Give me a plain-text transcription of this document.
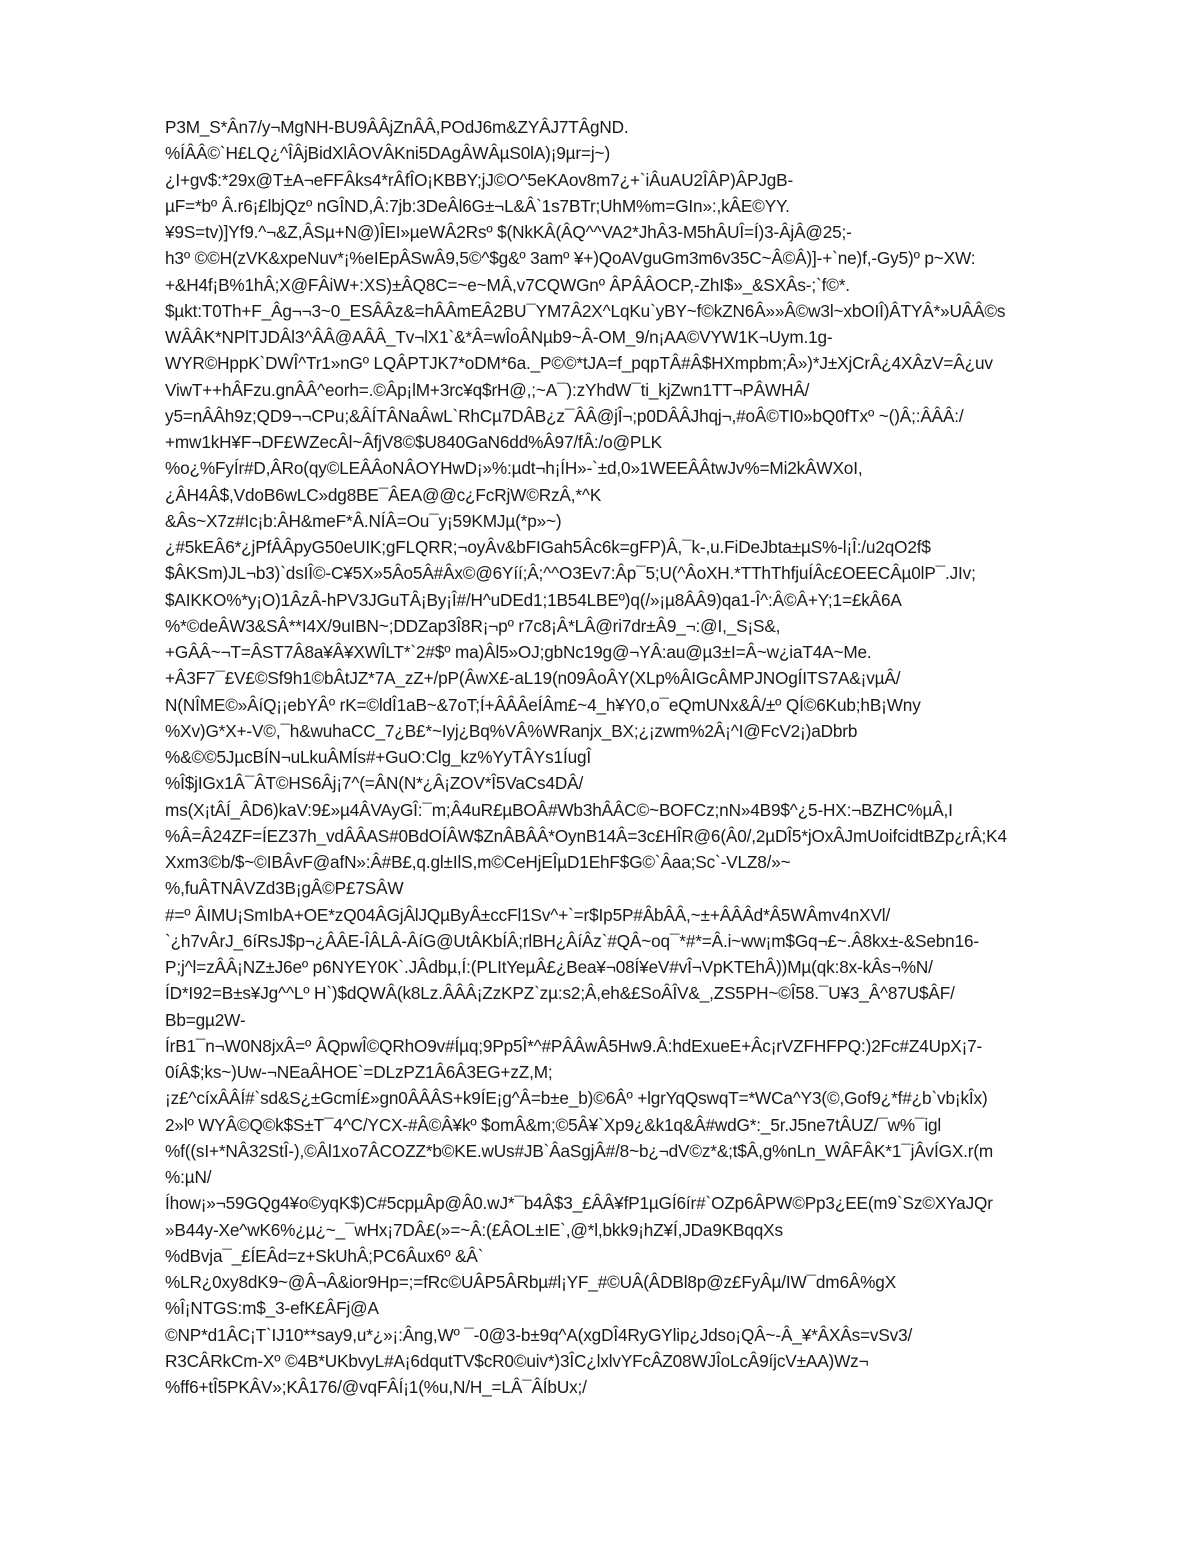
P3M_S*Ân7/y¬MgNH-BU9ÂÂjZnÂÂ,POdJ6m&ZYÂJ7TÂgND.
%ÍÂÂ©`H£LQ¿^ÎÂjBidXlÂOVÂKni5DAgÂWÂµS0lA)¡9µr=j~)
¿I+gv$:*29x@T±A¬eFFÂks4*rÂfÎO¡KBBY;jJ©O^5eKAov8m7¿+`iÂuAU2ÎÂP)ÂPJgB-
µF=*bº Â.r6¡£lbjQzº nGÎND,Â:7jb:3DeÂl6G±¬L&Â`1s7BTr;UhM%m=GIn»:,kÂE©YY.
¥9S=tv)]Yf9.^¬&Z,ÂSµ+N@)ÎEI»µeWÂ2Rsº $(NkKÂ(ÂQ^^VA2*JhÂ3-M5hÂUÎ=Í)3-ÂjÂ@25;-
h3º ©©H(zVK&xpeNuv*¡%eIEpÂSwÂ9,5©^$g&º 3amº ¥+)QoAVguGm3m6v35C~Â©Â)]-+`ne)f,-Gy5)º p~XW:
+&H4f¡B%1hÂ;X@FÂiW+:XS)±ÂQ8C=~e~MÂ,v7CQWGnº ÂPÂÂOCP,-ZhI$»_&SXÂs-;`f©*.
$µkt:T0Th+F_Âg¬¬3~0_ESÂÂz&=hÂÂmEÂ2BU¯YM7Â2X^LqKu`yBY~f©kZN6Â»»Â©w3l~xbOIÎ)ÂTYÂ*»UÂÂ©s
WÂÂK*NPlTJDÂl3^ÂÂ@AÂÂ_Tv¬lX1`&*Â=wÎoÂNµb9~Â-OM_9/n¡AA©VYW1K¬Uym.1g-
WYR©HppK`DWÎ^Tr1»nGº LQÂPTJK7*oDM*6a._P©©*tJA=f_pqpTÂ#Â$HXmpbm;Â»)*J±XjCrÂ¿4XÂzV=Â¿uv
ViwT++hÂFzu.gnÂÂ^eorh=.©Âp¡lM+3rc¥q$rH@,;~A¯):zYhdW¯ti_kjZwn1TT¬PÂWHÂ/
y5=nÂÂh9z;QD9¬¬CPu;&ÂÍTÂNaÂwL`RhCµ7DÂB¿z¯ÂÂ@jÎ¬;p0DÂÂJhqj¬,#oÂ©TI0»bQ0fTxº ~()Â;:ÂÂÂ:/
+mw1kH¥F¬DF£WZecÂl~ÂfjV8©$U840GaN6dd%Â97/fÂ:/o@PLK
%o¿%FyÍr#D,ÂRo(qy©LEÂÂoNÂOYHwD¡»%:µdt¬h¡ÍH»-`±d,0»1WEEÂÂtwJv%=Mi2kÂWXoI,
¿ÂH4Â$,VdoB6wLC»dg8BE¯ÂEA@@c¿FcRjW©RzÂ,*^K
&Âs~X7z#Ic¡b:ÂH&meF*Â.NÍÂ=Ou¯y¡59KMJµ(*p»~)
¿#5kEÂ6*¿jPfÂÂpyG50eUIK;gFLQRR;¬oyÂv&bFIGah5Âc6k=gFP)Â,¯k-,u.FiDeJbta±µS%-l¡Î:/u2qO2f$
$ÂKSm)JL¬b3)`dsIÎ©-C¥5X»5Âo5Â#Âx©@6Yíí;Â;^^O3Ev7:Âp¯5;U(^ÂoXH.*TThThfjuÍÂc£OEECÂµ0lP¯.JIv;
$AIKKO%*y¡O)1ÂzÂ-hPV3JGuTÂ¡By¡Î#/H^uDEd1;1B54LBEº)q(/»¡µ8ÂÂ9)qa1-Î^:Â©Â+Y;1=£kÂ6A
%*©deÂW3&SÂ**I4X/9uIBN~;DDZap3Î8R¡¬pº r7c8¡Â*LÂ@ri7dr±Â9_¬:@I,_S¡S&,
+GÂÂ~¬T=ÂST7Â8a¥Â¥XWÎLT*`2#$º ma)Âl5»OJ;gbNc19g@¬YÂ:au@µ3±I=Â~w¿iaT4A~Me.
+Â3F7¯£V£©Sf9h1©bÂtJZ*7A_zZ+/pP(ÂwX£-aL19(n09ÂoÂY(XLp%ÂIGcÂMPJNOgÍITS7A&¡vµÂ/
N(NÎME©»ÂíQ¡¡ebYÂº rK=©ldÎ1aB~&7oT;Í+ÂÂÂeÍÂm£~4_h¥Y0,o¯eQmUNx&Â/±º QÍ©6Kub;hB¡Wny
%Xv)G*X+-V©,¯h&wuhaCC_7¿B£*~Iyj¿Bq%VÂ%WRanjx_BX;¿¡zwm%2Â¡^I@FcV2¡)aDbrb
%&©©5JµcBÍN¬uLkuÂMÍs#+GuO:Clg_kz%YyTÂYs1ÍugÎ
%Î$jIGx1Â¯ÂT©HS6Âj¡7^(=ÂN(N*¿Â¡ZOV*Î5VaCs4DÂ/
ms(X¡tÂÍ_ÂD6)kaV:9£»µ4ÂVAyGÎ:¯m;Â4uR£µBOÂ#Wb3hÂÂC©~BOFCz;nN»4B9$^¿5-HX:¬BZHC%µÂ,I
%Â=Â24ZF=ÍEZ37h_vdÂÂAS#0BdOÍÂW$ZnÂBÂÂ*OynB14Â=3c£HÎR@6(Â0/,2µDÎ5*jOxÂJmUoifcidtBZp¿rÂ;K4
Xxm3©b/$~©IBÂvF@afN»:Â#B£,q.gl±IlS,m©CeHjEÎµD1EhF$G©`Âaa;Sc`-VLZ8/»~
%,fuÂTNÂVZd3B¡gÂ©P£7SÂW
#=º ÂIMU¡SmIbA+OE*zQ04ÂGjÂlJQµByÂ±ccFl1Sv^+`=r$Ip5P#ÂbÂÂ,~±+ÂÂÂd*Â5WÂmv4nXVl/
`¿h7vÂrJ_6íRsJ$p¬¿ÂÂE-ÎÂLÂ-ÂíG@UtÂKbÍÂ;rlBH¿ÂíÂz`#QÂ~oq¯*#*=Â.i~ww¡m$Gq¬£~.Â8kx±-&Sebn16-
P;j^l=zÂÂ¡NZ±J6eº p6NYEY0K`.JÂdbµ,Í:(PLItYeµÂ£¿Bea¥¬08Í¥eV#vÎ¬VpKTEhÂ))Mµ(qk:8x-kÂs¬%N/
ÍD*I92=B±s¥Jg^^Lº H`)$dQWÂ(k8Lz.ÂÂÂ¡ZzKPZ`zµ:s2;Â,eh&£SoÂÎV&_,ZS5PH~©Î58.¯U¥3_Â^87U$ÂF/
Bb=gµ2W-
ÍrB1¯n¬W0N8jxÂ=º ÂQpwÎ©QRhO9v#Íµq;9Pp5Î*^#PÂÂwÂ5Hw9.Â:hdExueE+Âc¡rVZFHFPQ:)2Fc#Z4UpX¡7-
0íÂ$;ks~)Uw-¬NEaÂHOE`=DLzPZ1Â6Â3EG+zZ,M;
¡z£^cíxÂÂÍ#`sd&S¿±GcmÍ£»gn0ÂÂÂS+k9ÍE¡g^Â=b±e_b)©6Âº +lgrYqQswqT=*WCa^Y3(©,Gof9¿*f#¿b`vb¡kÎx)
2»lº WYÂ©Q©k$S±T¯4^C/YCX-#Â©Â¥kº $omÂ&m;©5Â¥`Xp9¿&k1q&Â#wdG*:_5r.J5ne7tÂUZ/¯w%¯igl
%f((sI+*NÂ32StÎ-),©Âl1xo7ÂCOZZ*b©KE.wUs#JB`ÂaSgjÂ#/8~b¿¬dV©z*&;t$Â,g%nLn_WÂFÂK*1¯jÂvÍGX.r(m
%:µN/
Íhow¡»¬59GQg4¥o©yqK$)C#5cpµÂp@Â0.wJ*¯b4Â$3_£ÂÂ¥fP1µGÍ6ír#`OZp6ÂPW©Pp3¿EE(m9`Sz©XYaJQr
»B44y-Xe^wK6%¿µ¿~_¯wHx¡7DÂ£(»=~Â:(£ÂOL±IE`,@*l,bkk9¡hZ¥Í,JDa9KBqqXs
%dBvja¯_£ÍEÂd=z+SkUhÂ;PC6Âux6º &Â`
%LR¿0xy8dK9~@Â¬Â&ior9Hp=;=fRc©UÂP5ÂRbµ#l¡YF_#©UÂ(ÂDBl8p@z£FyÂµ/IW¯dm6Â%gX
%Î¡NTGS:m$_3-efK£ÂFj@A
©NP*d1ÂC¡T`IJ10**say9,u*¿»¡:Âng,Wº ¯-0@3-b±9q^A(xgDÎ4RyGYlip¿Jdso¡QÂ~-Â_¥*ÂXÂs=vSv3/
R3CÂRkCm-Xº ©4B*UKbvyL#A¡6dqutTV$cR0©uiv*)3ÎC¿lxlvYFcÂZ08WJÎoLcÂ9íjcV±AA)Wz¬
%ff6+tÎ5PKÂV»;KÂ176/@vqFÂÍ¡1(%u,N/H_=LÂ¯ÂÍbUx;/
